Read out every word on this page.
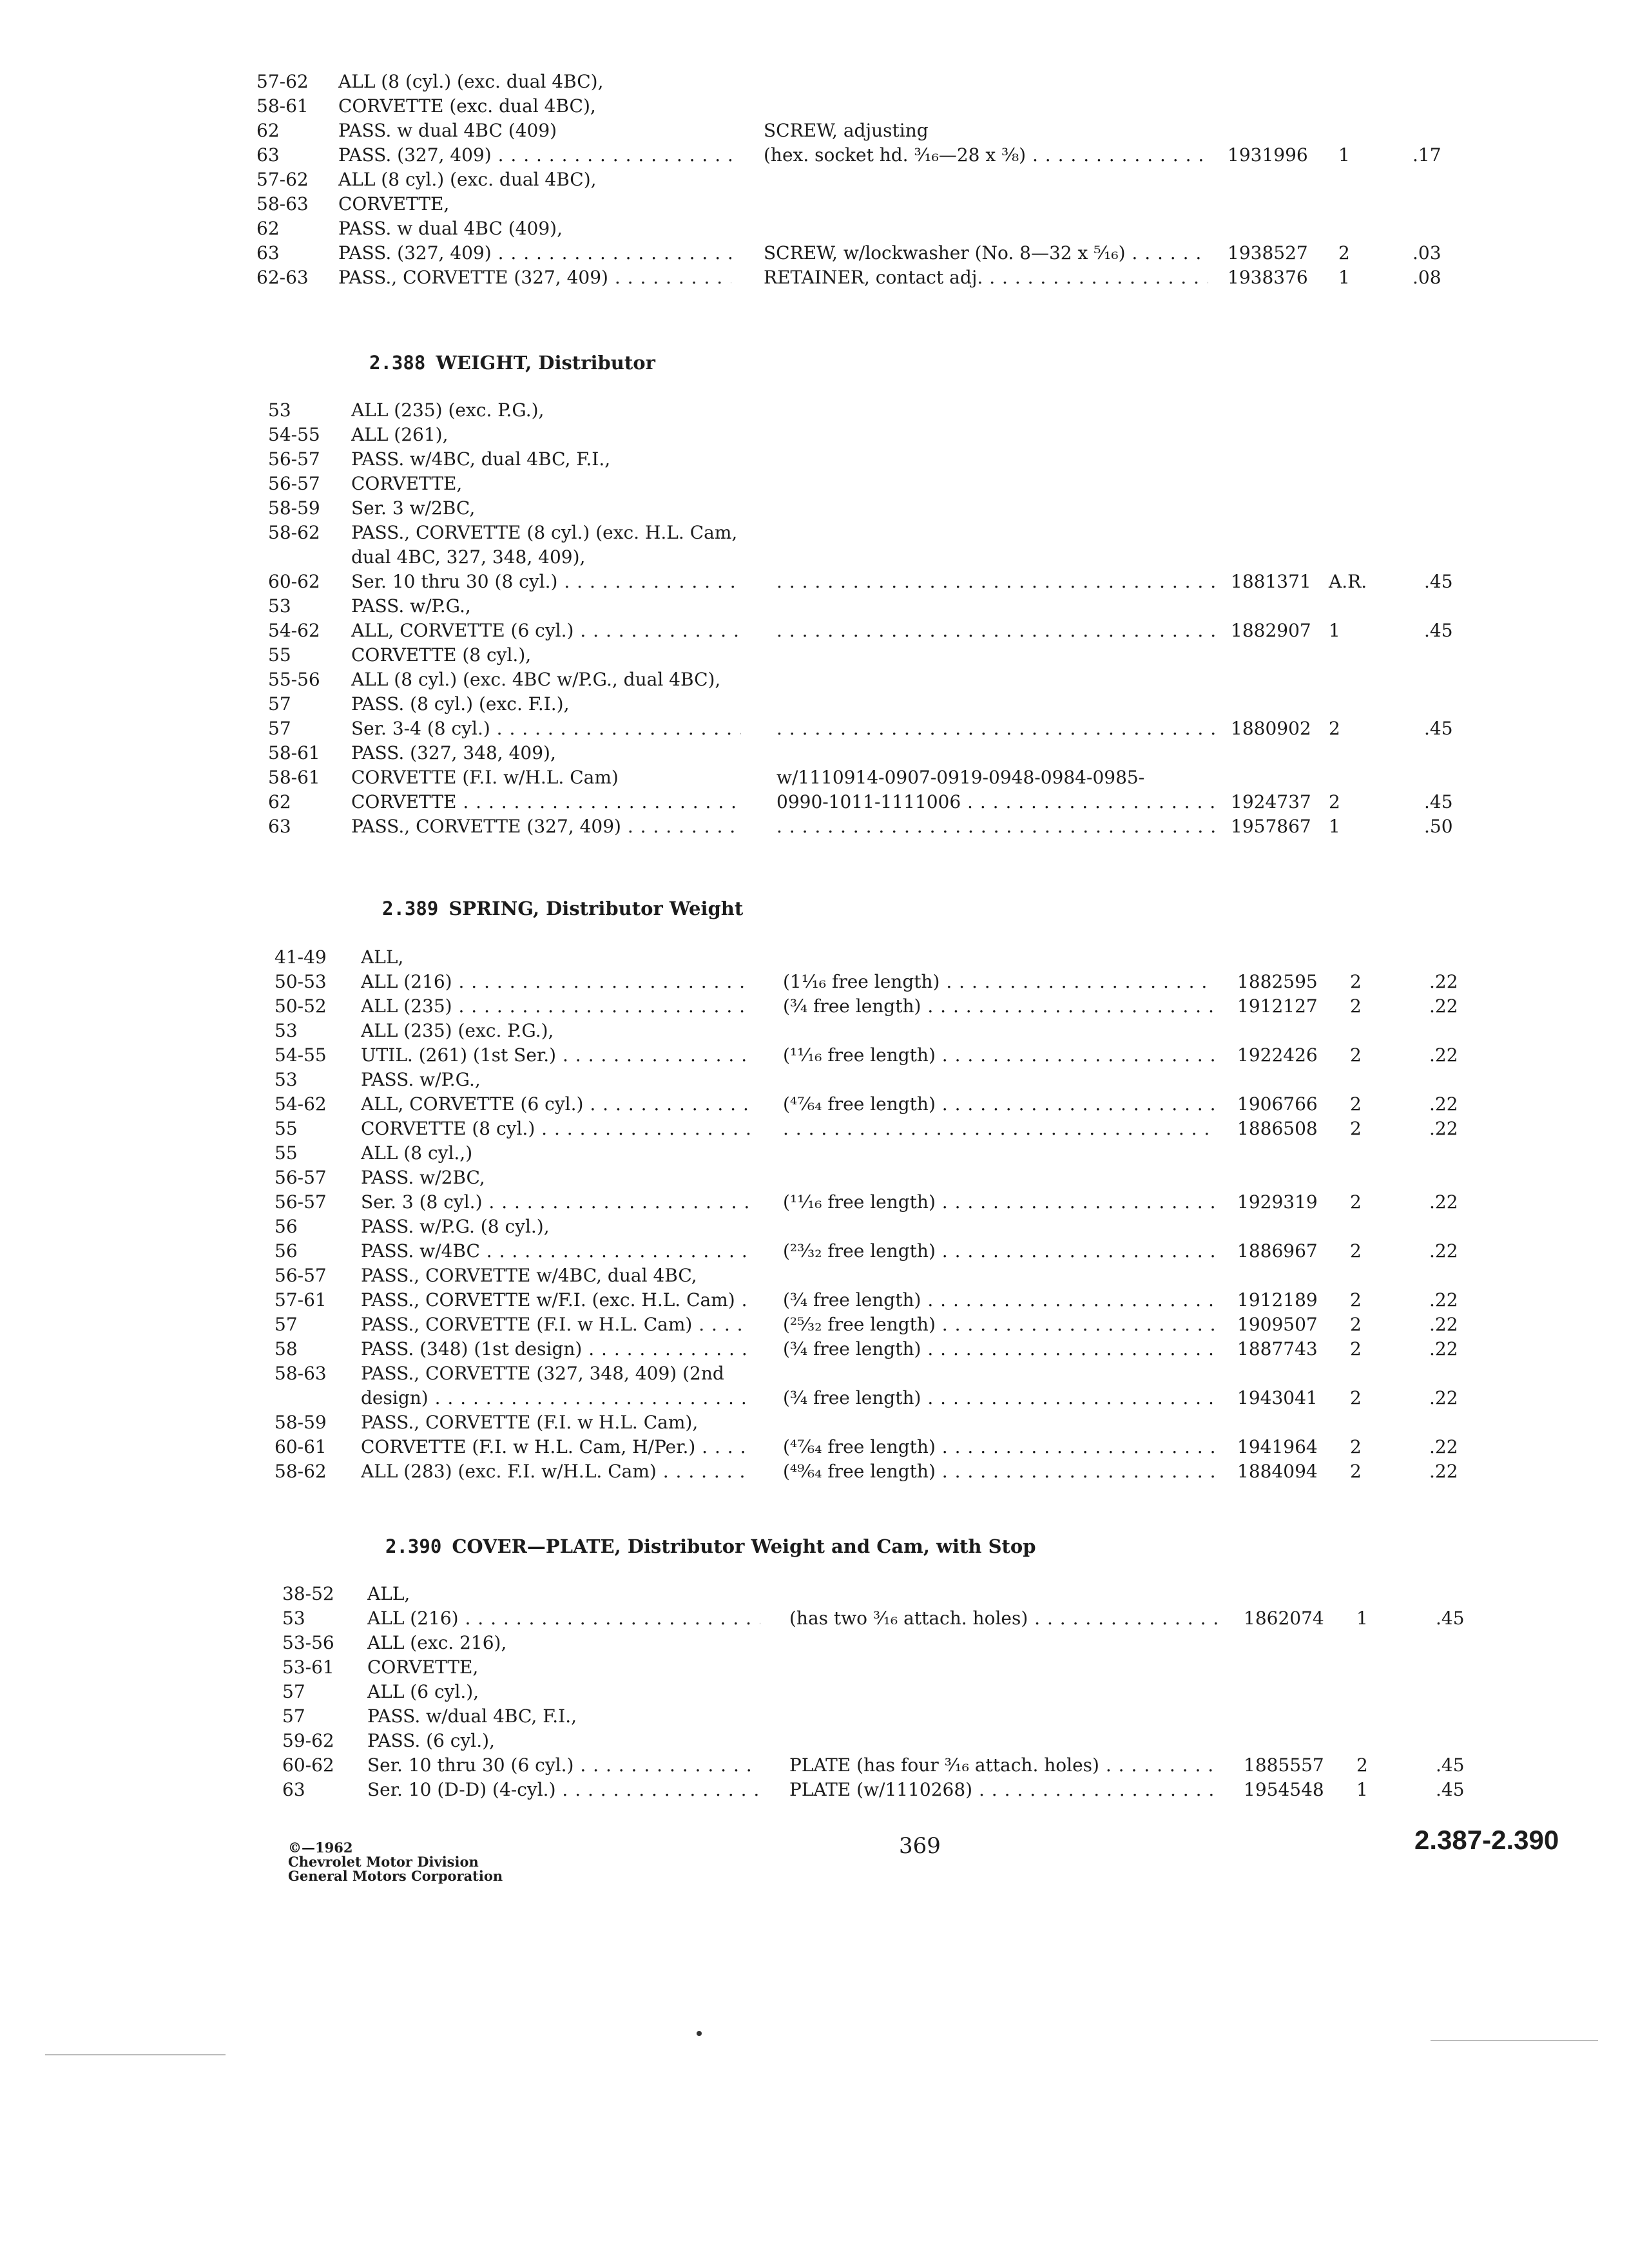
57-62 ALL (8 (cyl.) (exc. dual 4BC),
58-61 CORVETTE (exc. dual 4BC),
62	PASS. w dual 4BC (409)	SCREW, adjusting
63	PASS. (327, 409) . . .	(hex. socket hd. ³⁄₁₆—28 x ³⁄₈) . . .	1931996 1	.17
57-62 ALL (8 cyl.) (exc. dual 4BC),
58-63 CORVETTE,
62	PASS. w dual 4BC (409),
63	PASS. (327, 409) . . .	SCREW, w/lockwasher (No. 8—32 x ⁵⁄₁₆) . . .	1938527 2	.03
62-63 PASS., CORVETTE (327, 409) . . .	RETAINER, contact adj. . . .	1938376 1	.08
2.388 WEIGHT, Distributor
53	ALL (235) (exc. P.G.),
54-55 ALL (261),
56-57 PASS. w/4BC, dual 4BC, F.I.,
56-57 CORVETTE,
58-59 Ser. 3 w/2BC,
58-62 PASS., CORVETTE (8 cyl.) (exc. H.L. Cam,
dual 4BC, 327, 348, 409),
60-62 Ser. 10 thru 30 (8 cyl.) . . . . . .	1881371 A.R.	.45
53	PASS. w/P.G.,
54-62 ALL, CORVETTE (6 cyl.) . . . . . .	1882907 1	.45
55	CORVETTE (8 cyl.),
55-56 ALL (8 cyl.) (exc. 4BC w/P.G., dual 4BC),
57	PASS. (8 cyl.) (exc. F.I.),
57	Ser. 3-4 (8 cyl.) . . . . . .	1880902 2	.45
58-61 PASS. (327, 348, 409),
58-61 CORVETTE (F.I. w/H.L. Cam)	w/1110914-0907-0919-0948-0984-0985-
62	CORVETTE . . .	0990-1011-1111006 . . .	1924737 2	.45
63	PASS., CORVETTE (327, 409) . . . . . .	1957867 1	.50
2.389 SPRING, Distributor Weight
41-49 ALL,
50-53 ALL (216) . . .	(1¹⁄₁₆ free length) . . .	1882595 2	.22
50-52 ALL (235) . . .	(³⁄₄ free length) . . .	1912127 2	.22
53	ALL (235) (exc. P.G.),
54-55 UTIL. (261) (1st Ser.) . . .	(¹¹⁄₁₆ free length) . . .	1922426 2	.22
53	PASS. w/P.G.,
54-62 ALL, CORVETTE (6 cyl.) . . .	(⁴⁷⁄₆₄ free length) . . .	1906766 2	.22
55	CORVETTE (8 cyl.) . . . . . .	1886508 2	.22
55	ALL (8 cyl.,)
56-57 PASS. w/2BC,
56-57 Ser. 3 (8 cyl.) . . .	(¹¹⁄₁₆ free length) . . .	1929319 2	.22
56	PASS. w/P.G. (8 cyl.),
56	PASS. w/4BC . . .	(²³⁄₃₂ free length) . . .	1886967 2	.22
56-57 PASS., CORVETTE w/4BC, dual 4BC,
57-61 PASS., CORVETTE w/F.I. (exc. H.L. Cam) . . .	(³⁄₄ free length) . . .	1912189 2	.22
57	PASS., CORVETTE (F.I. w H.L. Cam) . . .	(²⁵⁄₃₂ free length) . . .	1909507 2	.22
58	PASS. (348) (1st design) . . .	(³⁄₄ free length) . . .	1887743 2	.22
58-63 PASS., CORVETTE (327, 348, 409) (2nd
design) . . .	(³⁄₄ free length) . . .	1943041 2	.22
58-59 PASS., CORVETTE (F.I. w H.L. Cam),
60-61 CORVETTE (F.I. w H.L. Cam, H/Per.) . . .	(⁴⁷⁄₆₄ free length) . . .	1941964 2	.22
58-62 ALL (283) (exc. F.I. w/H.L. Cam) . . .	(⁴⁹⁄₆₄ free length) . . .	1884094 2	.22
2.390 COVER—PLATE, Distributor Weight and Cam, with Stop
38-52 ALL,
53	ALL (216) . . .	(has two ³⁄₁₆ attach. holes) . . .	1862074 1	.45
53-56 ALL (exc. 216),
53-61 CORVETTE,
57	ALL (6 cyl.),
57	PASS. w/dual 4BC, F.I.,
59-62 PASS. (6 cyl.),
60-62 Ser. 10 thru 30 (6 cyl.) . . .	PLATE (has four ³⁄₁₆ attach. holes) . . .	1885557 2	.45
63	Ser. 10 (D-D) (4-cyl.) . . .	PLATE (w/1110268) . . .	1954548 1	.45
©—1962
Chevrolet Motor Division
General Motors Corporation
369	2.387-2.390
